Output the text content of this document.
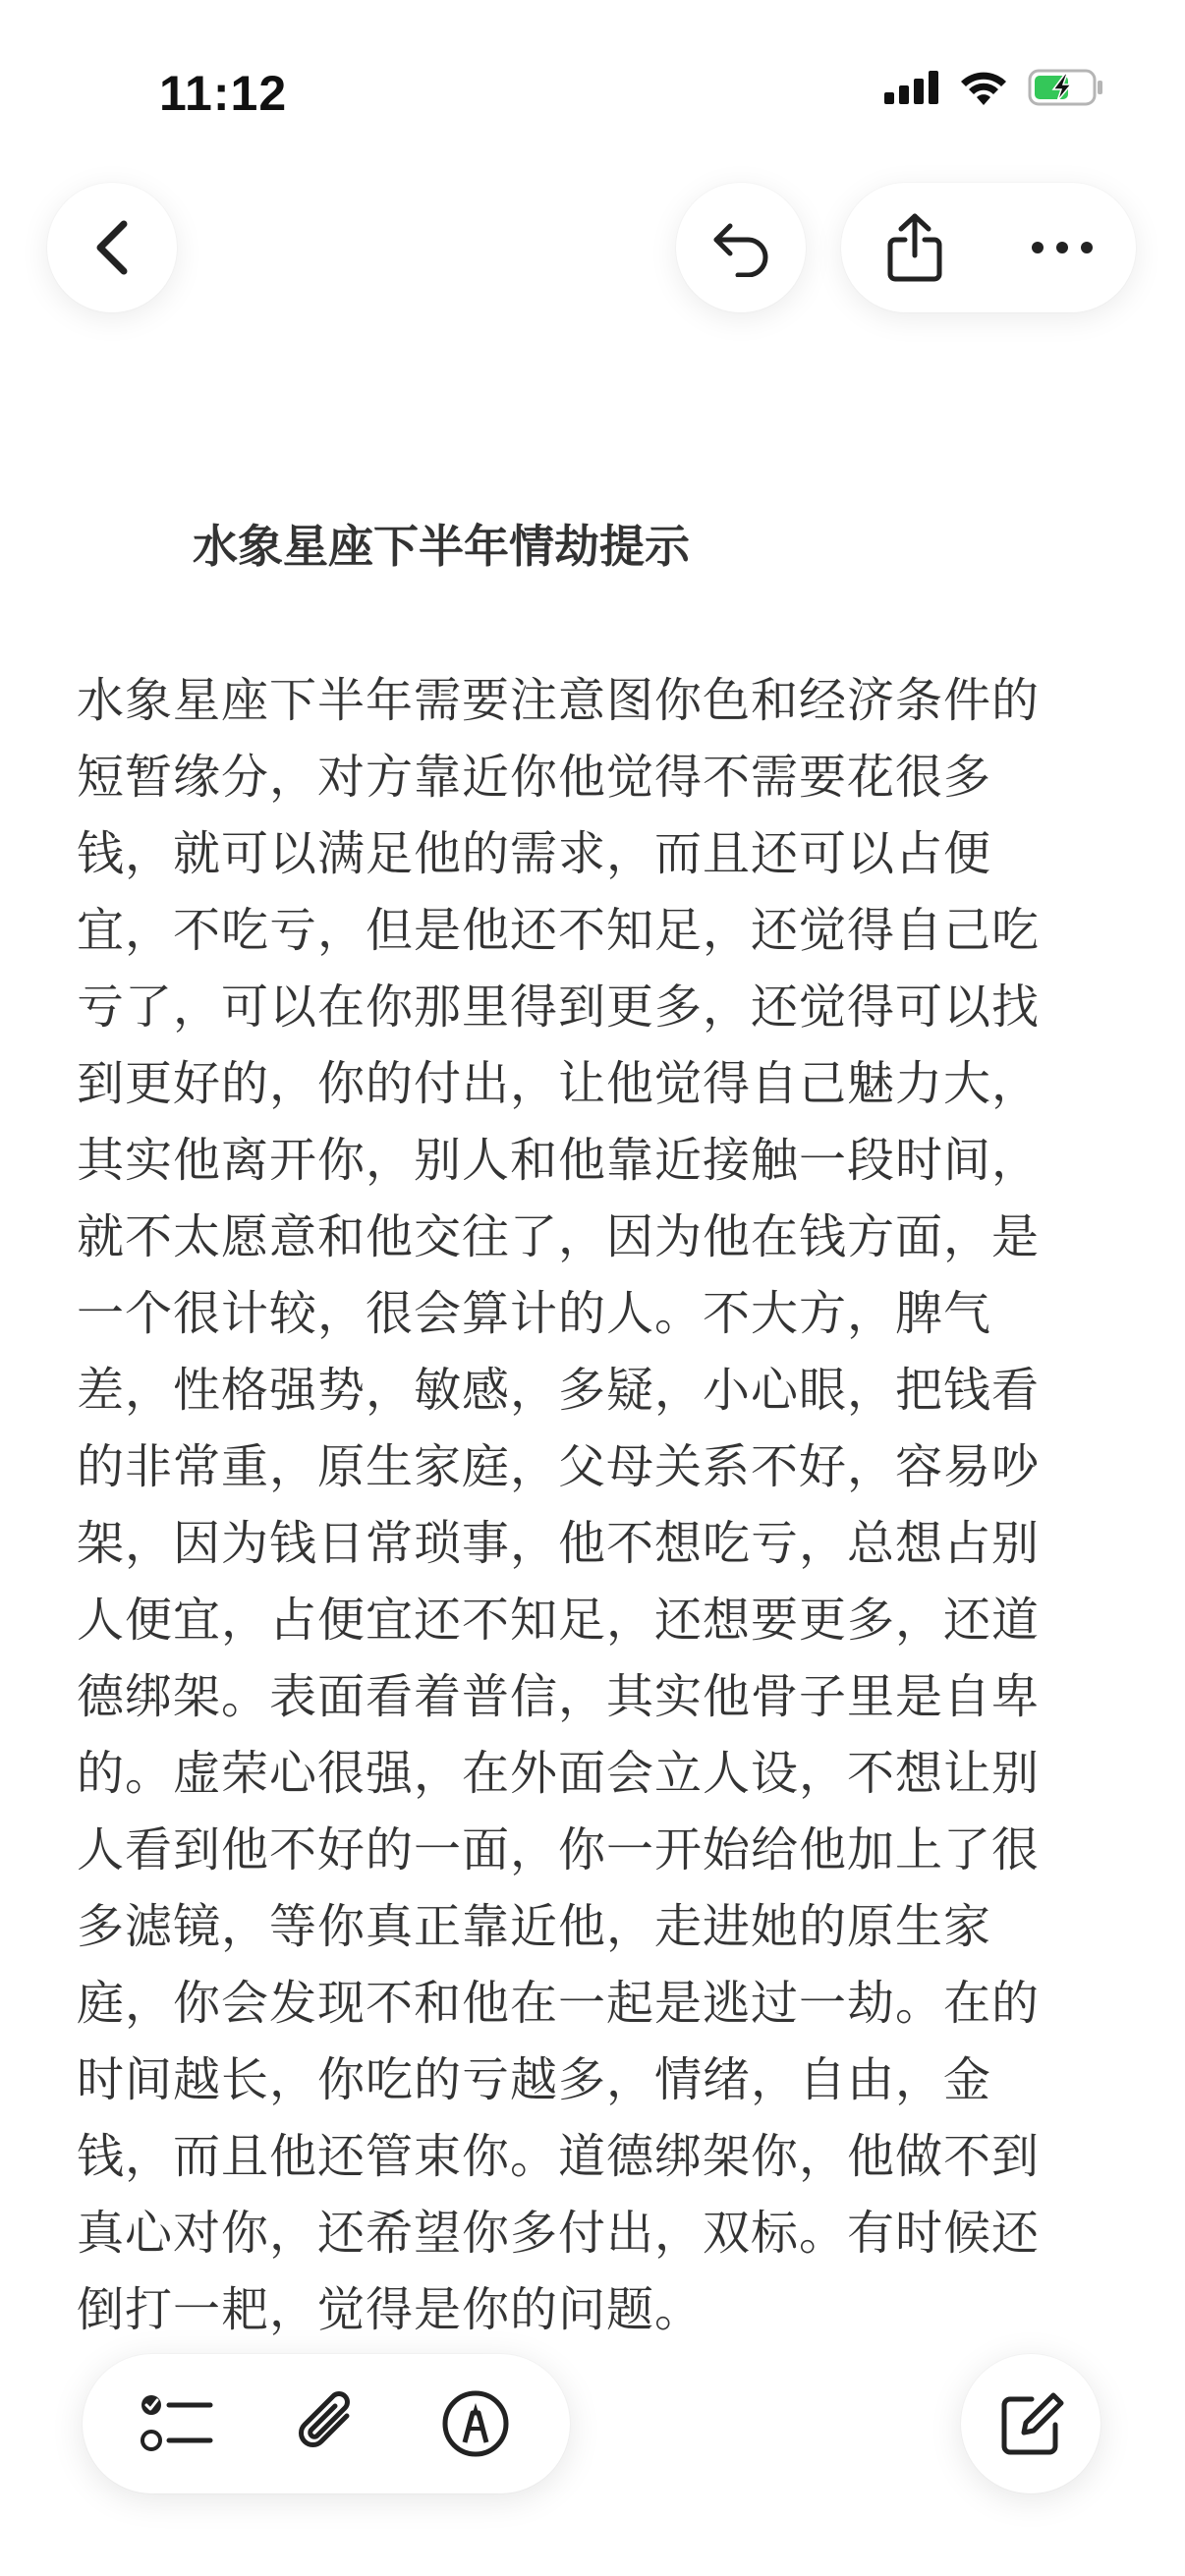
11:12
水象星座下半年情劫提示
水象星座下半年需要注意图你色和经济条件的短暂缘分，对方靠近你他觉得不需要花很多钱，就可以满足他的需求，而且还可以占便宜，不吃亏，但是他还不知足，还觉得自己吃亏了，可以在你那里得到更多，还觉得可以找到更好的，你的付出，让他觉得自己魅力大，其实他离开你，别人和他靠近接触一段时间，就不太愿意和他交往了，因为他在钱方面，是一个很计较，很会算计的人。不大方，脾气差，性格强势，敏感，多疑，小心眼，把钱看的非常重，原生家庭，父母关系不好，容易吵架，因为钱日常琐事，他不想吃亏，总想占别人便宜，占便宜还不知足，还想要更多，还道德绑架。表面看着普信，其实他骨子里是自卑的。虚荣心很强，在外面会立人设，不想让别人看到他不好的一面，你一开始给他加上了很多滤镜，等你真正靠近他，走进她的原生家庭，你会发现不和他在一起是逃过一劫。在的时间越长，你吃的亏越多，情绪，自由，金钱，而且他还管束你。道德绑架你，他做不到真心对你，还希望你多付出，双标。有时候还倒打一耙，觉得是你的问题。
